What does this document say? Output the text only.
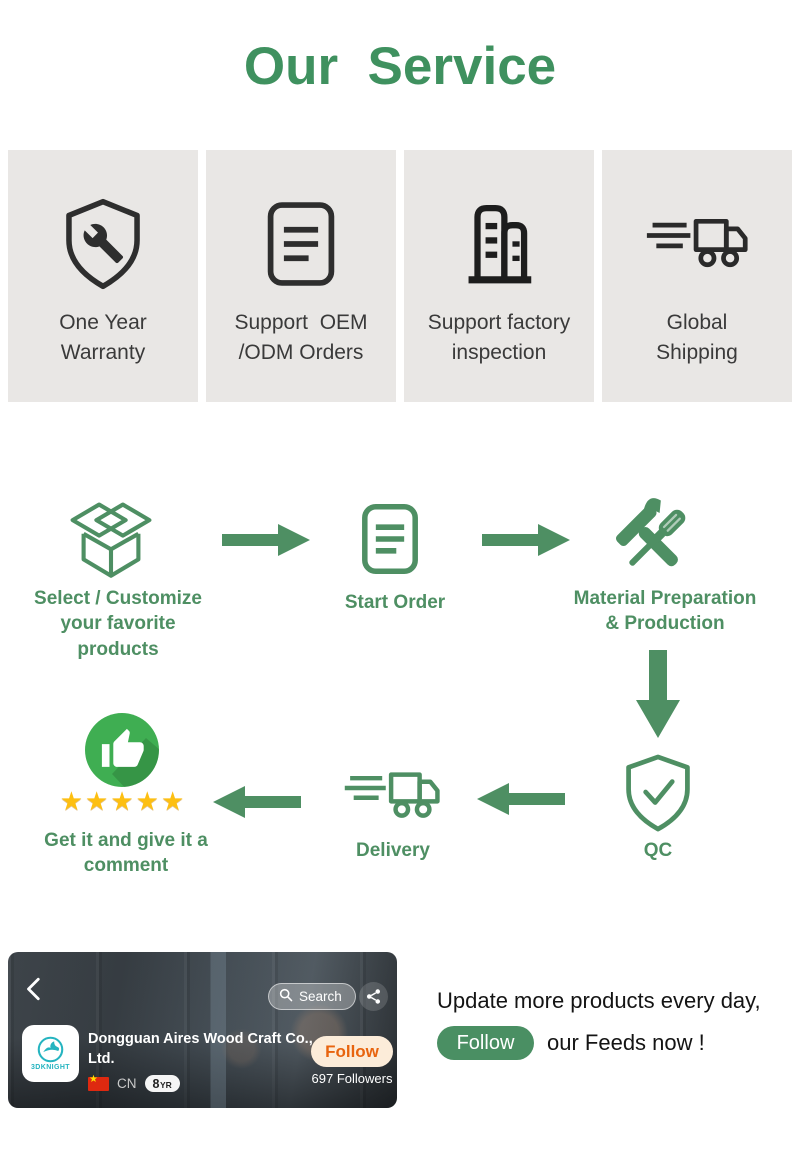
Our  Service
One Year
Warranty
Support  OEM
/ODM Orders
Support factory
inspection
Global
Shipping
Select / Customize
your favorite
products
Start Order	Material Preparation
& Production
QC
Delivery
★★★★★
Get it and give it a
comment
Search
3DKNIGHT
Dongguan Aires Wood Craft Co.,
Ltd.
★ CN 8 YR
Follow
697 Followers
Update more products every day,
Follow	our Feeds now !
